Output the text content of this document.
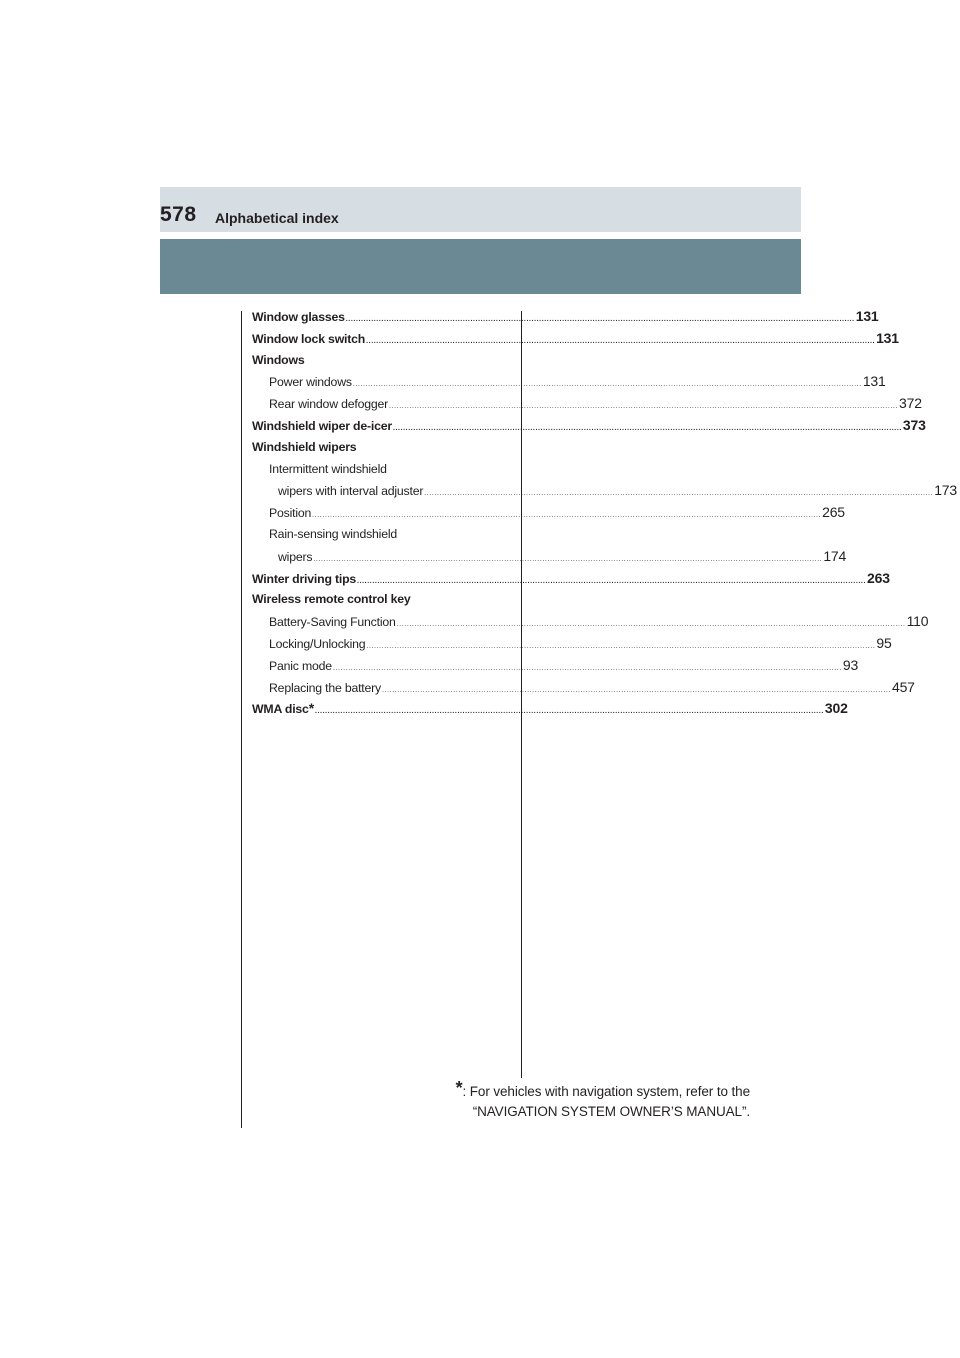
578 Alphabetical index
Window glasses ........................................................................................................................................................................................................ 131
Window lock switch ........................................................................................................................................................................................................ 131
Windows
Power windows ........................................................................................................................................................................................................ 131
Rear window defogger ........................................................................................................................................................................................................ 372
Windshield wiper de-icer ........................................................................................................................................................................................................ 373
Windshield wipers
Intermittent windshield
wipers with interval adjuster ........................................................................................................................................................................................................ 173
Position ........................................................................................................................................................................................................ 265
Rain-sensing windshield
wipers ........................................................................................................................................................................................................ 174
Winter driving tips ........................................................................................................................................................................................................ 263
Wireless remote control key
Battery-Saving Function ........................................................................................................................................................................................................ 110
Locking/Unlocking ........................................................................................................................................................................................................ 95
Panic mode ........................................................................................................................................................................................................ 93
Replacing the battery ........................................................................................................................................................................................................ 457
WMA disc * ........................................................................................................................................................................................................ 302
*: For vehicles with navigation system, refer to the
“NAVIGATION SYSTEM OWNER’S MANUAL”.
